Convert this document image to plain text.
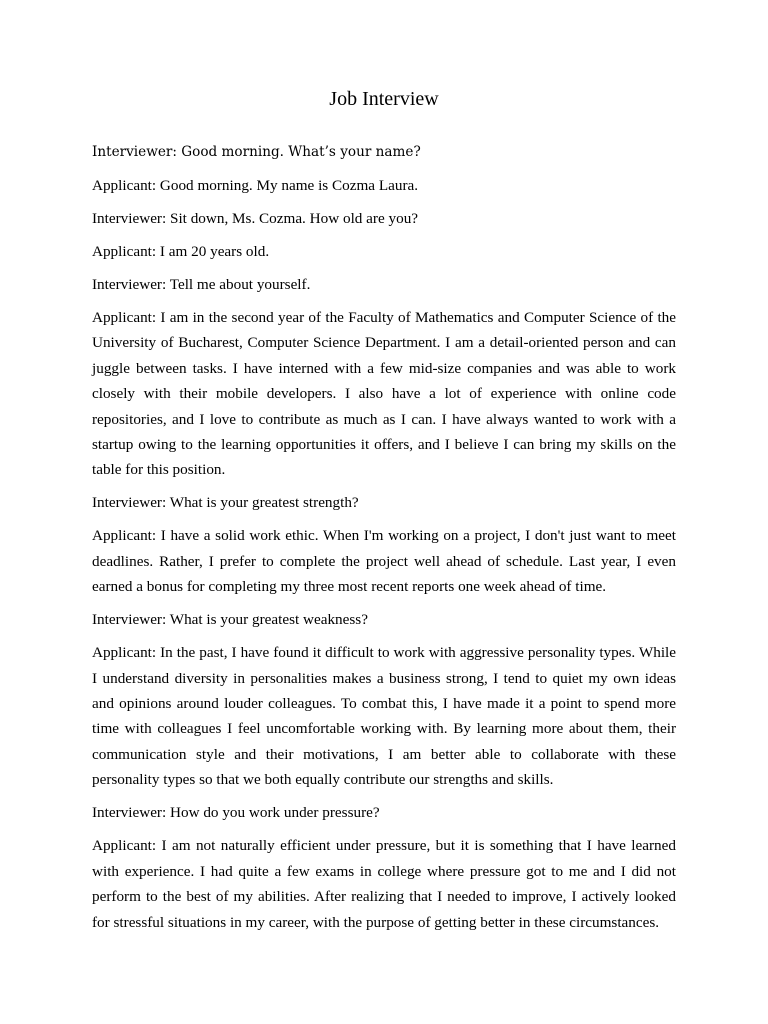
Job Interview

Interviewer: Good morning. What’s your name?

Applicant: Good morning. My name is Cozma Laura.

Interviewer: Sit down, Ms. Cozma. How old are you?

Applicant: I am 20 years old.

Interviewer: Tell me about yourself.

Applicant: I am in the second year of the Faculty of Mathematics and Computer Science of the University of Bucharest, Computer Science Department. I am a detail-oriented person and can juggle between tasks. I have interned with a few mid-size companies and was able to work closely with their mobile developers. I also have a lot of experience with online code repositories, and I love to contribute as much as I can. I have always wanted to work with a startup owing to the learning opportunities it offers, and I believe I can bring my skills on the table for this position.

Interviewer: What is your greatest strength?

Applicant: I have a solid work ethic. When I'm working on a project, I don't just want to meet deadlines. Rather, I prefer to complete the project well ahead of schedule. Last year, I even earned a bonus for completing my three most recent reports one week ahead of time.

Interviewer: What is your greatest weakness?

Applicant: In the past, I have found it difficult to work with aggressive personality types. While I understand diversity in personalities makes a business strong, I tend to quiet my own ideas and opinions around louder colleagues. To combat this, I have made it a point to spend more time with colleagues I feel uncomfortable working with. By learning more about them, their communication style and their motivations, I am better able to collaborate with these personality types so that we both equally contribute our strengths and skills.

Interviewer: How do you work under pressure?

Applicant: I am not naturally efficient under pressure, but it is something that I have learned with experience. I had quite a few exams in college where pressure got to me and I did not perform to the best of my abilities. After realizing that I needed to improve, I actively looked for stressful situations in my career, with the purpose of getting better in these circumstances.
